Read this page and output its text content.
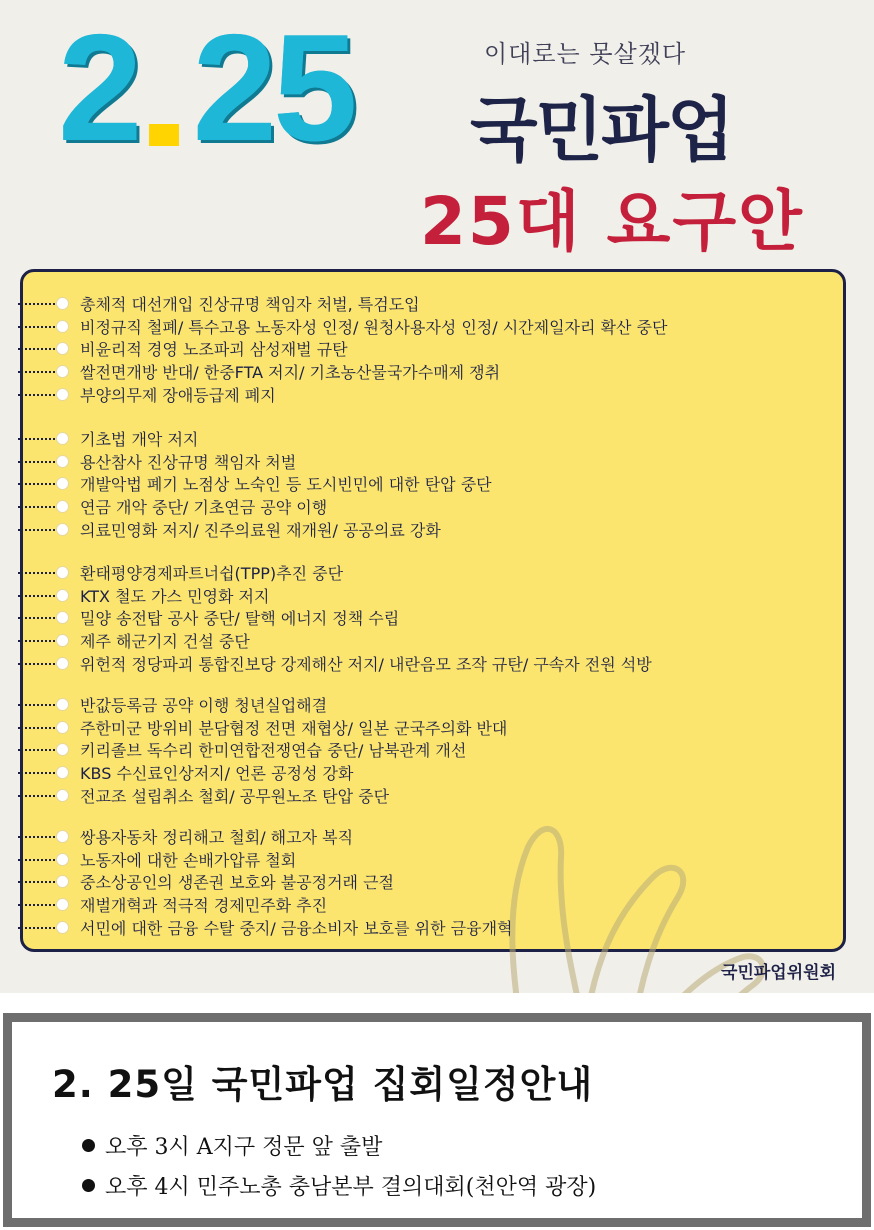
2 25	이대로는 못살겠다
국민파업
25대 요구안
총체적 대선개입 진상규명 책임자 처벌, 특검도입
비정규직 철폐/ 특수고용 노동자성 인정/ 원청사용자성 인정/ 시간제일자리 확산 중단
비윤리적 경영 노조파괴 삼성재벌 규탄
쌀전면개방 반대/ 한중FTA 저지/ 기초농산물국가수매제 쟁취
부양의무제 장애등급제 폐지
기초법 개악 저지
용산참사 진상규명 책임자 처벌
개발악법 폐기 노점상 노숙인 등 도시빈민에 대한 탄압 중단
연금 개악 중단/ 기초연금 공약 이행
의료민영화 저지/ 진주의료원 재개원/ 공공의료 강화
환태평양경제파트너쉽(TPP)추진 중단
KTX 철도 가스 민영화 저지
밀양 송전탑 공사 중단/ 탈핵 에너지 정책 수립
제주 해군기지 건설 중단
위헌적 정당파괴 통합진보당 강제해산 저지/ 내란음모 조작 규탄/ 구속자 전원 석방
반값등록금 공약 이행 청년실업해결
주한미군 방위비 분담협정 전면 재협상/ 일본 군국주의화 반대
키리졸브 독수리 한미연합전쟁연습 중단/ 남북관계 개선
KBS 수신료인상저지/ 언론 공정성 강화
전교조 설립취소 철회/ 공무원노조 탄압 중단
쌍용자동차 정리해고 철회/ 해고자 복직
노동자에 대한 손배가압류 철회
중소상공인의 생존권 보호와 불공정거래 근절
재벌개혁과 적극적 경제민주화 추진
서민에 대한 금융 수탈 중지/ 금융소비자 보호를 위한 금융개혁
국민파업위원회
2. 25일 국민파업 집회일정안내
오후 3시 A지구 정문 앞 출발
오후 4시 민주노총 충남본부 결의대회(천안역 광장)
